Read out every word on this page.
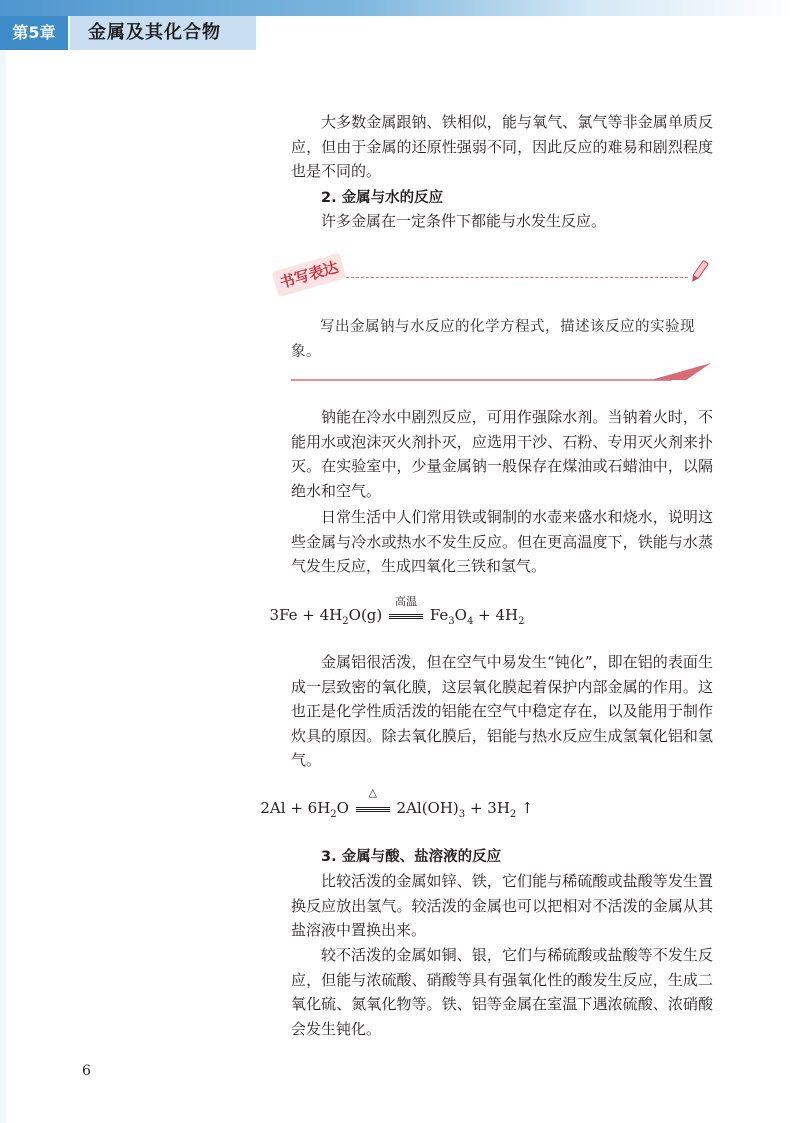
第5章	金属及其化合物

大多数金属跟钠、铁相似，能与氧气、氯气等非金属单质反应，但由于金属的还原性强弱不同，因此反应的难易和剧烈程度也是不同的。

2. 金属与水的反应

许多金属在一定条件下都能与水发生反应。

书写表达

写出金属钠与水反应的化学方程式，描述该反应的实验现象。

钠能在冷水中剧烈反应，可用作强除水剂。当钠着火时，不能用水或泡沫灭火剂扑灭，应选用干沙、石粉、专用灭火剂来扑灭。在实验室中，少量金属钠一般保存在煤油或石蜡油中，以隔绝水和空气。

日常生活中人们常用铁或铜制的水壶来盛水和烧水，说明这些金属与冷水或热水不发生反应。但在更高温度下，铁能与水蒸气发生反应，生成四氧化三铁和氢气。

$3Fe + 4H_2O(g)$
高温
$Fe_3O_4 + 4H_2$

金属铝很活泼，但在空气中易发生“钝化”，即在铝的表面生成一层致密的氧化膜，这层氧化膜起着保护内部金属的作用。这也正是化学性质活泼的铝能在空气中稳定存在，以及能用于制作炊具的原因。除去氧化膜后，铝能与热水反应生成氢氧化铝和氢气。

$2Al + 6H_2O$
△
$2Al(OH)_3 + 3H_2$ ↑
3. 金属与酸、盐溶液的反应

比较活泼的金属如锌、铁，它们能与稀硫酸或盐酸等发生置换反应放出氢气。较活泼的金属也可以把相对不活泼的金属从其盐溶液中置换出来。

较不活泼的金属如铜、银，它们与稀硫酸或盐酸等不发生反应，但能与浓硫酸、硝酸等具有强氧化性的酸发生反应，生成二氧化硫、氮氧化物等。铁、铝等金属在室温下遇浓硫酸、浓硝酸会发生钝化。

6
